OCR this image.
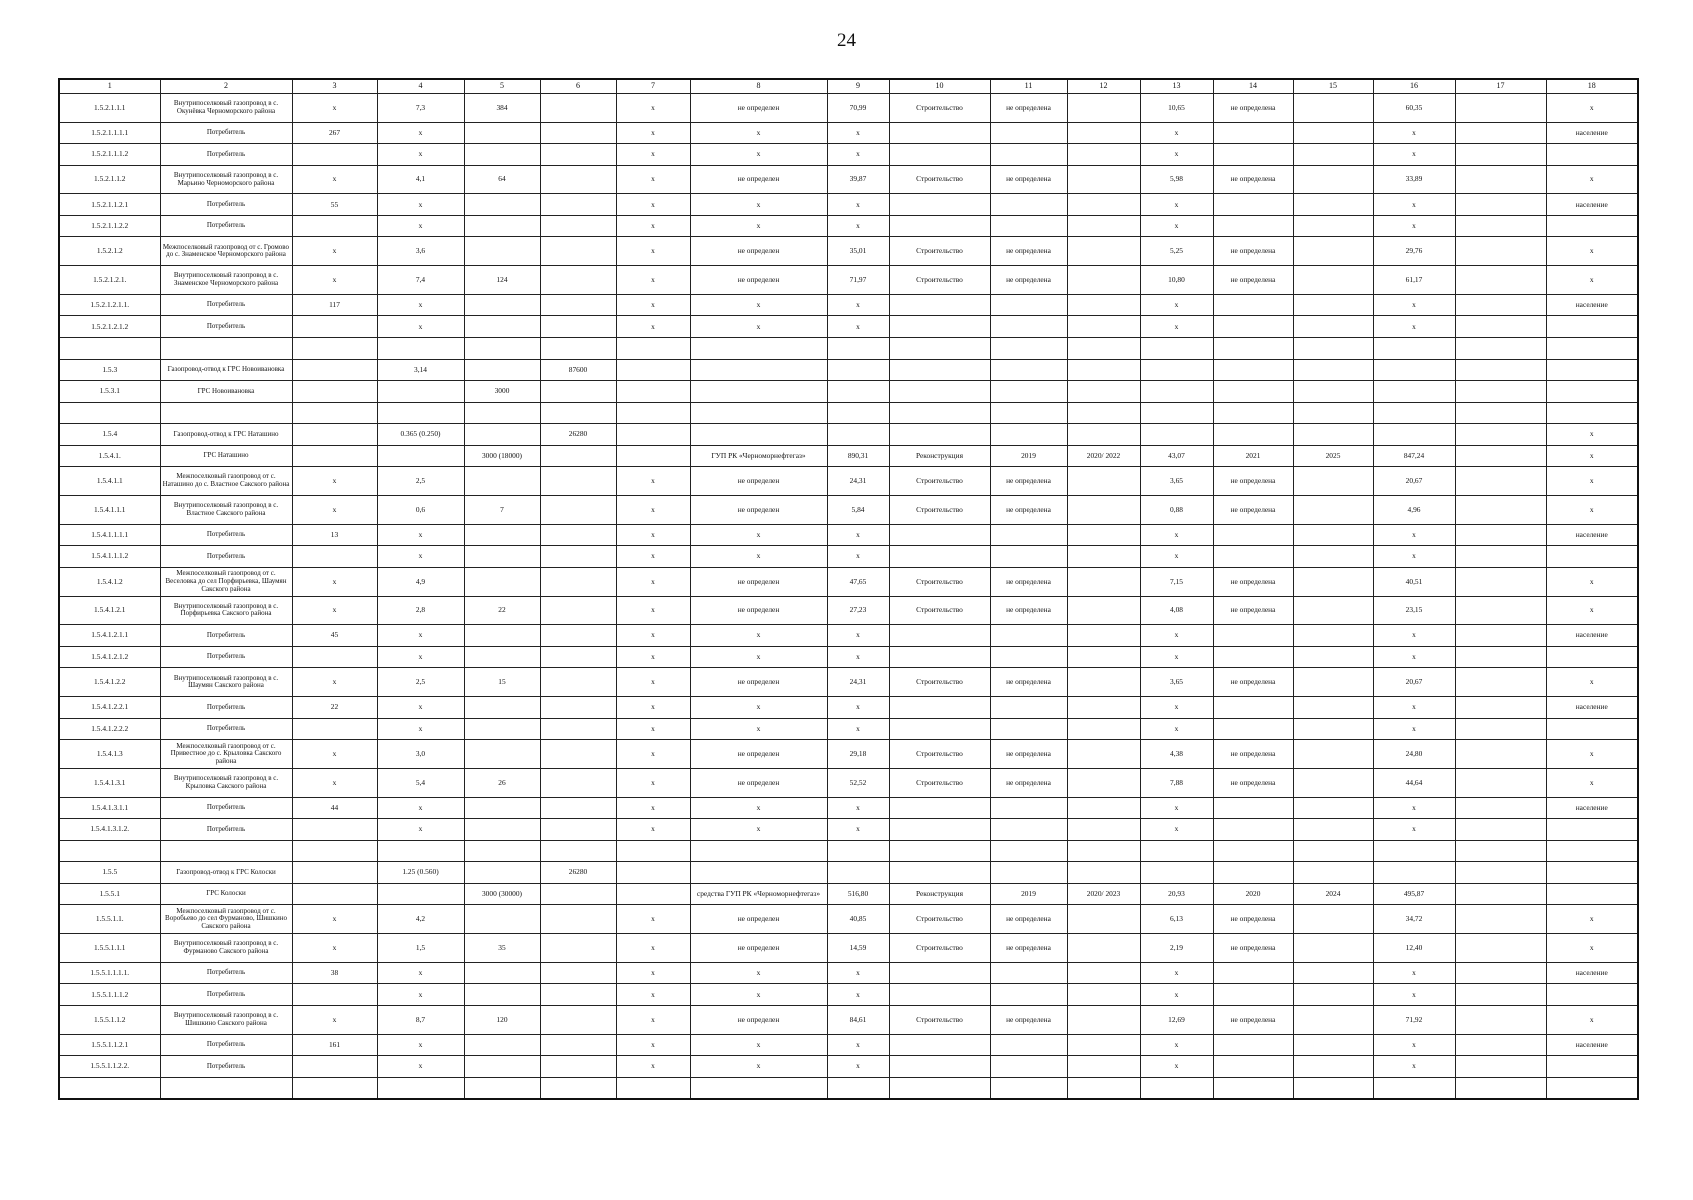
24
1	2	3	4	5	6	7	8	9	10	11	12	13	14	15	16	17	18
1.5.2.1.1.1	Внутрипоселковый газопровод в с. Окунёвка Черноморского района	х	7,3	384		х	не определен	70,99	Строительство	не определена		10,65	не определена		60,35		х
1.5.2.1.1.1.1	Потребитель	267	х			х	х	х				х			х		население
1.5.2.1.1.1.2	Потребитель		х			х	х	х				х			х		
1.5.2.1.1.2	Внутрипоселковый газопровод в с. Марьино Черноморского района	х	4,1	64		х	не определен	39,87	Строительство	не определена		5,98	не определена		33,89		х
1.5.2.1.1.2.1	Потребитель	55	х			х	х	х				х			х		население
1.5.2.1.1.2.2	Потребитель		х			х	х	х				х			х		
1.5.2.1.2	Межпоселковый газопровод от с. Громово до с. Знаменское Черноморского района	х	3,6			х	не определен	35,01	Строительство	не определена		5,25	не определена		29,76		х
1.5.2.1.2.1.	Внутрипоселковый газопровод в с. Знаменское Черноморского района	х	7,4	124		х	не определен	71,97	Строительство	не определена		10,80	не определена		61,17		х
1.5.2.1.2.1.1.	Потребитель	117	х			х	х	х				х			х		население
1.5.2.1.2.1.2	Потребитель		х			х	х	х				х			х		

1.5.3	Газопровод-отвод к ГРС Новоивановка		3,14		87600												
1.5.3.1	ГРС Новоивановка			3000													

1.5.4	Газопровод-отвод к ГРС Наташино		0.365 (0.250)		26280												х
1.5.4.1.	ГРС Наташино			3000 (18000)			ГУП РК «Черноморнефтегаз»	890,31	Реконструкция	2019	2020/ 2022	43,07	2021	2025	847,24		х
1.5.4.1.1	Межпоселковый газопровод от с. Наташино до с. Властное Сакского района	х	2,5			х	не определен	24,31	Строительство	не определена		3,65	не определена		20,67		х
1.5.4.1.1.1	Внутрипоселковый газопровод в с. Властное Сакского района	х	0,6	7		х	не определен	5,84	Строительство	не определена		0,88	не определена		4,96		х
1.5.4.1.1.1.1	Потребитель	13	х			х	х	х				х			х		население
1.5.4.1.1.1.2	Потребитель		х			х	х	х				х			х		
1.5.4.1.2	Межпоселковый газопровод от с. Веселовка до сел Порфирьевка, Шаумян Сакского района	х	4,9			х	не определен	47,65	Строительство	не определена		7,15	не определена		40,51		х
1.5.4.1.2.1	Внутрипоселковый газопровод в с. Порфирьевка Сакского района	х	2,8	22		х	не определен	27,23	Строительство	не определена		4,08	не определена		23,15		х
1.5.4.1.2.1.1	Потребитель	45	х			х	х	х				х			х		население
1.5.4.1.2.1.2	Потребитель		х			х	х	х				х			х		
1.5.4.1.2.2	Внутрипоселковый газопровод в с. Шаумян Сакского района	х	2,5	15		х	не определен	24,31	Строительство	не определена		3,65	не определена		20,67		х
1.5.4.1.2.2.1	Потребитель	22	х			х	х	х				х			х		население
1.5.4.1.2.2.2	Потребитель		х			х	х	х				х			х		
1.5.4.1.3	Межпоселковый газопровод от с. Привестное до с. Крыловка Сакского района	х	3,0			х	не определен	29,18	Строительство	не определена		4,38	не определена		24,80		х
1.5.4.1.3.1	Внутрипоселковый газопровод в с. Крыловка Сакского района	х	5,4	26		х	не определен	52,52	Строительство	не определена		7,88	не определена		44,64		х
1.5.4.1.3.1.1	Потребитель	44	х			х	х	х				х			х		население
1.5.4.1.3.1.2.	Потребитель		х			х	х	х				х			х		

1.5.5	Газопровод-отвод к ГРС Колоски		1.25 (0.560)		26280												
1.5.5.1	ГРС Колоски			3000 (30000)			средства ГУП РК «Черноморнефтегаз»	516,80	Реконструкция	2019	2020/ 2023	20,93	2020	2024	495,87		
1.5.5.1.1.	Межпоселковый газопровод от с. Воробьево до сел Фурманово, Шишкино Сакского района	х	4,2			х	не определен	40,85	Строительство	не определена		6,13	не определена		34,72		х
1.5.5.1.1.1	Внутрипоселковый газопровод в с. Фурманово Сакского района	х	1,5	35		х	не определен	14,59	Строительство	не определена		2,19	не определена		12,40		х
1.5.5.1.1.1.1.	Потребитель	38	х			х	х	х				х			х		население
1.5.5.1.1.1.2	Потребитель		х			х	х	х				х			х		
1.5.5.1.1.2	Внутрипоселковый газопровод в с. Шишкино Сакского района	х	8,7	120		х	не определен	84,61	Строительство	не определена		12,69	не определена		71,92		х
1.5.5.1.1.2.1	Потребитель	161	х			х	х	х				х			х		население
1.5.5.1.1.2.2.	Потребитель		х			х	х	х				х			х		
